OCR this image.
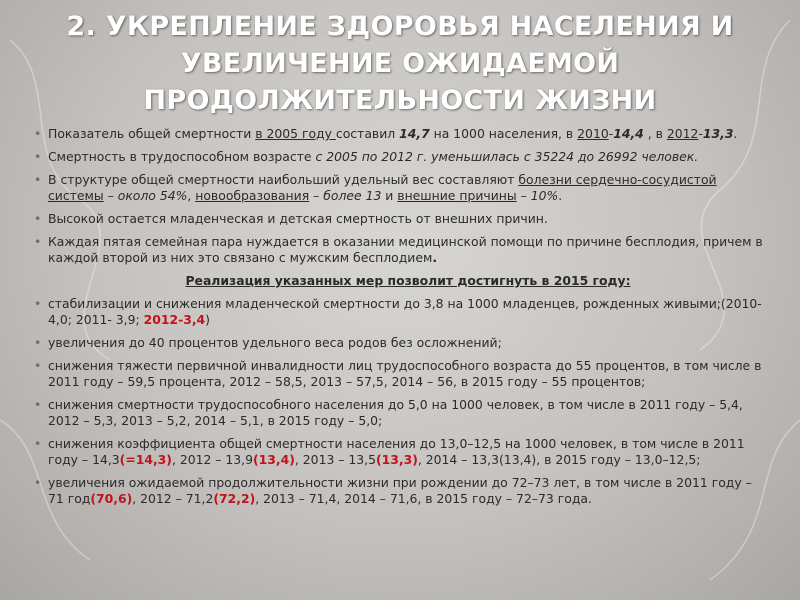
2. УКРЕПЛЕНИЕ ЗДОРОВЬЯ НАСЕЛЕНИЯ И
УВЕЛИЧЕНИЕ ОЖИДАЕМОЙ
ПРОДОЛЖИТЕЛЬНОСТИ ЖИЗНИ
• Показатель общей смертности в 2005 году составил 14,7 на 1000 населения, в 2010-14,4 , в 2012-13,3.
• Смертность в трудоспособном возрасте с 2005 по 2012 г. уменьшилась с 35224 до 26992 человек.
• В структуре общей смертности наибольший удельный вес составляют болезни сердечно-сосудистой системы – около 54%, новообразования – более 13 и внешние причины – 10%.
• Высокой остается младенческая и детская смертность от внешних причин.
• Каждая пятая семейная пара нуждается в оказании медицинской помощи по причине бесплодия, причем в каждой второй из них это связано с мужским бесплодием.
Реализация указанных мер позволит достигнуть в 2015 году:
• стабилизации и снижения младенческой смертности до 3,8 на 1000 младенцев, рожденных живыми;(2010-4,0; 2011- 3,9; 2012-3,4)
• увеличения до 40 процентов удельного веса родов без осложнений;
• снижения тяжести первичной инвалидности лиц трудоспособного возраста до 55 процентов, в том числе в 2011 году – 59,5 процента, 2012 – 58,5, 2013 – 57,5, 2014 – 56, в 2015 году – 55 процентов;
• снижения смертности трудоспособного населения до 5,0 на 1000 человек, в том числе в 2011 году – 5,4, 2012 – 5,3, 2013 – 5,2, 2014 – 5,1, в 2015 году – 5,0;
• снижения коэффициента общей смертности населения до 13,0–12,5 на 1000 человек, в том числе в 2011 году – 14,3(=14,3), 2012 – 13,9(13,4), 2013 – 13,5(13,3), 2014 – 13,3(13,4), в 2015 году – 13,0–12,5;
• увеличения ожидаемой продолжительности жизни при рождении до 72–73 лет, в том числе в 2011 году – 71 год(70,6), 2012 – 71,2(72,2), 2013 – 71,4, 2014 – 71,6, в 2015 году – 72–73 года.
